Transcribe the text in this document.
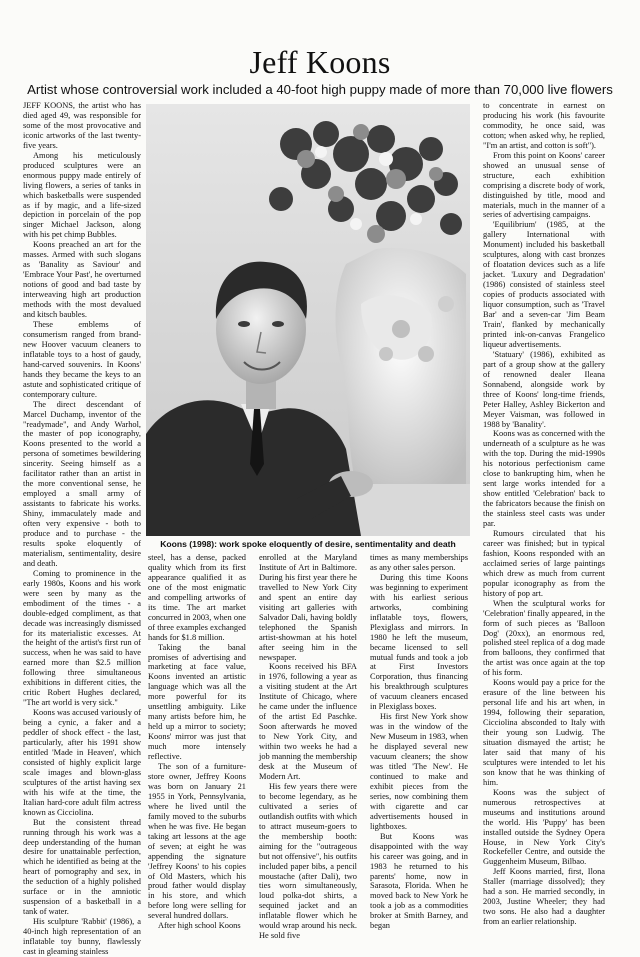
Jeff Koons
Artist whose controversial work included a 40-foot high puppy made of more than 70,000 live flowers

JEFF KOONS, the artist who has died aged 49, was responsible for some of the most provocative and iconic artworks of the last twenty-five years.

Among his meticulously produced sculptures were an enormous puppy made entirely of living flowers, a series of tanks in which basketballs were suspended as if by magic, and a life-sized depiction in porcelain of the pop singer Michael Jackson, along with his pet chimp Bubbles.

Koons preached an art for the masses. Armed with such slogans as 'Banality as Saviour' and 'Embrace Your Past', he overturned notions of good and bad taste by interweaving high art production methods with the most devalued and kitsch baubles.

These emblems of consumerism ranged from brand-new Hoover vacuum cleaners to inflatable toys to a host of gaudy, hand-carved souvenirs. In Koons' hands they became the keys to an astute and sophisticated critique of contemporary culture.

The direct descendant of Marcel Duchamp, inventor of the "readymade", and Andy Warhol, the master of pop iconography, Koons presented to the world a persona of sometimes bewildering sincerity. Seeing himself as a facilitator rather than an artist in the more conventional sense, he employed a small army of assistants to fabricate his works. Shiny, immaculately made and often very expensive - both to produce and to purchase - the results spoke eloquently of materialism, sentimentality, desire and death.

Coming to prominence in the early 1980s, Koons and his work were seen by many as the embodiment of the times - a double-edged compliment, as that decade was increasingly dismissed for its materialistic excesses. At the height of the artist's first run of success, when he was said to have earned more than $2.5 million following three simultaneous exhibitions in different cities, the critic Robert Hughes declared, "The art world is very sick."

Koons was accused variously of being a cynic, a faker and a peddler of shock effect - the last, particularly, after his 1991 show entitled 'Made in Heaven', which consisted of highly explicit large scale images and blown-glass sculptures of the artist having sex with his wife at the time, the Italian hard-core adult film actress known as Cicciolina.

But the consistent thread running through his work was a deep understanding of the human desire for unattainable perfection, which he identified as being at the heart of pornography and sex, in the seduction of a highly polished surface or in the amniotic suspension of a basketball in a tank of water.

His sculpture 'Rabbit' (1986), a 40-inch high representation of an inflatable toy bunny, flawlessly cast in gleaming stainless

Koons (1998): work spoke eloquently of desire, sentimentality and death

steel, has a dense, packed quality which from its first appearance qualified it as one of the most enigmatic and compelling artworks of its time. The art market concurred in 2003, when one of three examples exchanged hands for $1.8 million.

Taking the banal promises of advertising and marketing at face value, Koons invented an artistic language which was all the more powerful for its unsettling ambiguity. Like many artists before him, he held up a mirror to society; Koons' mirror was just that much more intensely reflective.

The son of a furniture-store owner, Jeffrey Koons was born on January 21 1955 in York, Pennsylvania, where he lived until the family moved to the suburbs when he was five. He began taking art lessons at the age of seven; at eight he was appending the signature 'Jeffrey Koons' to his copies of Old Masters, which his proud father would display in his store, and which before long were selling for several hundred dollars.

After high school Koons

enrolled at the Maryland Institute of Art in Baltimore. During his first year there he travelled to New York City and spent an entire day visiting art galleries with Salvador Dali, having boldly telephoned the Spanish artist-showman at his hotel after seeing him in the newspaper.

Koons received his BFA in 1976, following a year as a visiting student at the Art Institute of Chicago, where he came under the influence of the artist Ed Paschke. Soon afterwards he moved to New York City, and within two weeks he had a job manning the membership desk at the Museum of Modern Art.

His few years there were to become legendary, as he cultivated a series of outlandish outfits with which to attract museum-goers to the membership booth: aiming for the "outrageous but not offensive", his outfits included paper bibs, a pencil moustache (after Dali), two ties worn simultaneously, loud polka-dot shirts, a sequined jacket and an inflatable flower which he would wrap around his neck. He sold five

times as many memberships as any other sales person.

During this time Koons was beginning to experiment with his earliest serious artworks, combining inflatable toys, flowers, Plexiglass and mirrors. In 1980 he left the museum, became licensed to sell mutual funds and took a job at First Investors Corporation, thus financing his breakthrough sculptures of vacuum cleaners encased in Plexiglass boxes.

His first New York show was in the window of the New Museum in 1983, when he displayed several new vacuum cleaners; the show was titled 'The New'. He continued to make and exhibit pieces from the series, now combining them with cigarette and car advertisements housed in lightboxes.

But Koons was disappointed with the way his career was going, and in 1983 he returned to his parents' home, now in Sarasota, Florida. When he moved back to New York he took a job as a commodities broker at Smith Barney, and began

to concentrate in earnest on producing his work (his favourite commodity, he once said, was cotton; when asked why, he replied, "I'm an artist, and cotton is soft").

From this point on Koons' career showed an unusual sense of structure, each exhibition comprising a discrete body of work, distinguished by title, mood and materials, much in the manner of a series of advertising campaigns.

'Equilibrium' (1985, at the gallery International with Monument) included his basketball sculptures, along with cast bronzes of floatation devices such as a life jacket. 'Luxury and Degradation' (1986) consisted of stainless steel copies of products associated with liquor consumption, such as 'Travel Bar' and a seven-car 'Jim Beam Train', flanked by mechanically printed ink-on-canvas Frangelico liqueur advertisements.

'Statuary' (1986), exhibited as part of a group show at the gallery of renowned dealer Ileana Sonnabend, alongside work by three of Koons' long-time friends, Peter Halley, Ashley Bickerton and Meyer Vaisman, was followed in 1988 by 'Banality'.

Koons was as concerned with the underneath of a sculpture as he was with the top. During the mid-1990s his notorious perfectionism came close to bankrupting him, when he sent large works intended for a show entitled 'Celebration' back to the fabricators because the finish on the stainless steel casts was under par.

Rumours circulated that his career was finished; but in typical fashion, Koons responded with an acclaimed series of large paintings which drew as much from current popular iconography as from the history of pop art.

When the sculptural works for 'Celebration' finally appeared, in the form of such pieces as 'Balloon Dog' (20xx), an enormous red, polished steel replica of a dog made from balloons, they confirmed that the artist was once again at the top of his form.

Koons would pay a price for the erasure of the line between his personal life and his art when, in 1994, following their separation, Cicciolina absconded to Italy with their young son Ludwig. The situation dismayed the artist; he later said that many of his sculptures were intended to let his son know that he was thinking of him.

Koons was the subject of numerous retrospectives at museums and institutions around the world. His 'Puppy' has been installed outside the Sydney Opera House, in New York City's Rockefeller Centre, and outside the Guggenheim Museum, Bilbao.

Jeff Koons married, first, Ilona Staller (marriage dissolved); they had a son. He married secondly, in 2003, Justine Wheeler; they had two sons. He also had a daughter from an earlier relationship.
